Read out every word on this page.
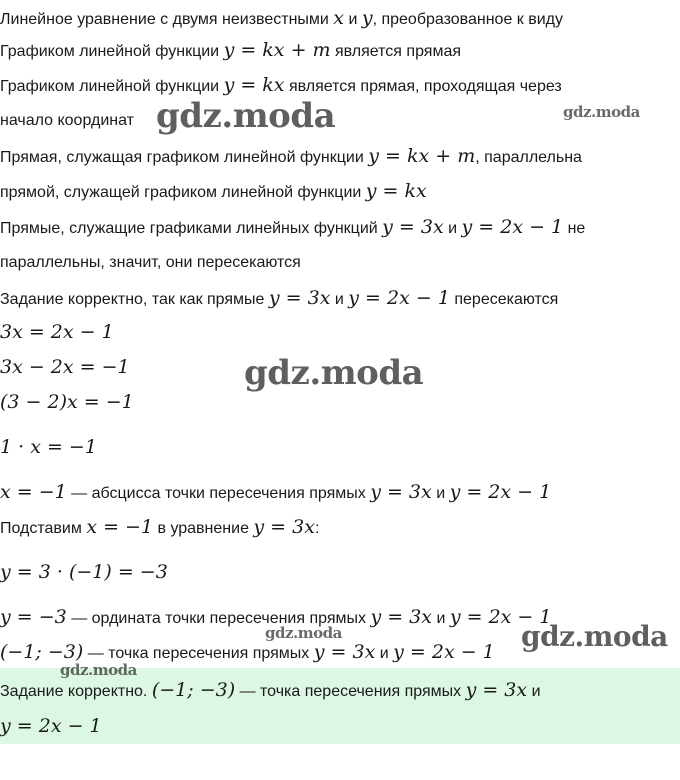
Линейное уравнение с двумя неизвестными x и y, преобразованное к виду
Графиком линейной функции y = kx + m является прямая
Графиком линейной функции y = kx является прямая, проходящая через
начало координат
Прямая, служащая графиком линейной функции y = kx + m, параллельна
прямой, служащей графиком линейной функции y = kx
Прямые, служащие графиками линейных функций y = 3x и y = 2x − 1 не
параллельны, значит, они пересекаются
Задание корректно, так как прямые y = 3x и y = 2x − 1 пересекаются
3x = 2x − 1
3x − 2x = −1
(3 − 2)x = −1
1 · x = −1
x = −1 — абсцисса точки пересечения прямых y = 3x и y = 2x − 1
Подставим x = −1 в уравнение y = 3x:
y = 3 · (−1) = −3
y = −3 — ордината точки пересечения прямых y = 3x и y = 2x − 1
(−1; −3) — точка пересечения прямых y = 3x и y = 2x − 1
Задание корректно. (−1; −3) — точка пересечения прямых y = 3x и
y = 2x − 1
gdz.moda	gdz.moda
gdz.moda
gdz.moda	gdz.moda
gdz.moda
